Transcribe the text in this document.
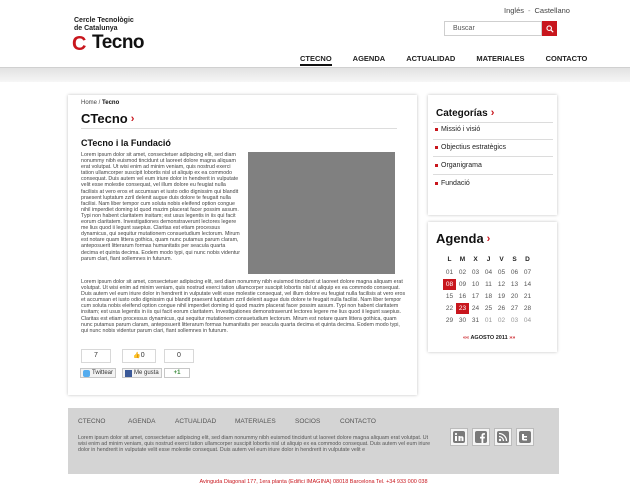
Cercle Tecnològic
de Catalunya
C Tecno
Inglés - Castellano
Buscar
CTECNO	AGENDA	ACTUALIDAD	MATERIALES	CONTACTO
Home / Tecno
CTecno ›
CTecno i la Fundació
Lorem ipsum dolor sit amet, consectetuer adipiscing elit, sed diam nonummy nibh euismod tincidunt ut laoreet dolore magna aliquam erat volutpat. Ut wisi enim ad minim veniam, quis nostrud exerci tation ullamcorper suscipit lobortis nisl ut aliquip ex ea commodo consequat. Duis autem vel eum iriure dolor in hendrerit in vulputate velit esse molestie consequat, vel illum dolore eu feugiat nulla facilisis at vero eros et accumsan et iusto odio dignissim qui blandit praesent luptatum zzril delenit augue duis dolore te feugait nulla facilisi. Nam liber tempor cum soluta nobis eleifend option congue nihil imperdiet doming id quod mazim placerat facer possim assum. Typi non habent claritatem insitam; est usus legentis in iis qui facit eorum claritatem. Investigationes demonstraverunt lectores legere me lius quod ii legunt saepius. Claritas est etiam processus dynamicus, qui sequitur mutationem consuetudium lectorum. Mirum est notare quam littera gothica, quam nunc putamus parum claram, anteposuerit litterarum formas humanitatis per seacula quarta decima et quinta decima. Eodem modo typi, qui nunc nobis videntur parum clari, fiant sollemnes in futurum.
Lorem ipsum dolor sit amet, consectetuer adipiscing elit, sed diam nonummy nibh euismod tincidunt ut laoreet dolore magna aliquam erat volutpat. Ut wisi enim ad minim veniam, quis nostrud exerci tation ullamcorper suscipit lobortis nisl ut aliquip ex ea commodo consequat. Duis autem vel eum iriure dolor in hendrerit in vulputate velit esse molestie consequat, vel illum dolore eu feugiat nulla facilisis at vero eros et accumsan et iusto odio dignissim qui blandit praesent luptatum zzril delenit augue duis dolore te feugait nulla facilisi. Nam liber tempor cum soluta nobis eleifend option congue nihil imperdiet doming id quod mazim placerat facer possim assum. Typi non habent claritatem insitam; est usus legentis in iis qui facit eorum claritatem. Investigationes demonstraverunt lectores legere me lius quod ii legunt saepius. Claritas est etiam processus dynamicus, qui sequitur mutationem consuetudium lectorum. Mirum est notare quam littera gothica, quam nunc putamus parum claram, anteposuerit litterarum formas humanitatis per seacula quarta decima et quinta decima. Eodem modo typi, qui nunc nobis videntur parum clari, fiant sollemnes in futurum.
7	👍0	0
Twittear	Me gusta +1
Categorías ›
Missió i visió
Objectius estratègics
Organigrama
Fundació
Agenda ›
L	M	X	J	V	S	D
01 02 03 04 05 06 07
08 09 10 11 12 13 14
15 16 17 18 19 20 21
22 23 24 25 26 27 28
29 30 31 01 02 03 04
«« AGOSTO 2011 »»
CTECNO	AGENDA	ACTUALIDAD	MATERIALES	SOCIOS	CONTACTO
Lorem ipsum dolor sit amet, consectetuer adipiscing elit, sed diam nonummy nibh euismod tincidunt ut laoreet dolore magna aliquam erat volutpat. Ut wisi enim ad minim veniam, quis nostrud exerci tation ullamcorper suscipit lobortis nisl ut aliquip ex ea commodo consequat. Duis autem vel eum iriure dolor in hendrerit in vulputate velit esse molestie consequat. Duis autem vel eum iriure dolor in hendrerit in vulputate velit e
Avinguda Diagonal 177, 1era planta (Edifici IMAGINA) 08018 Barcelona Tel. +34 933 000 038
